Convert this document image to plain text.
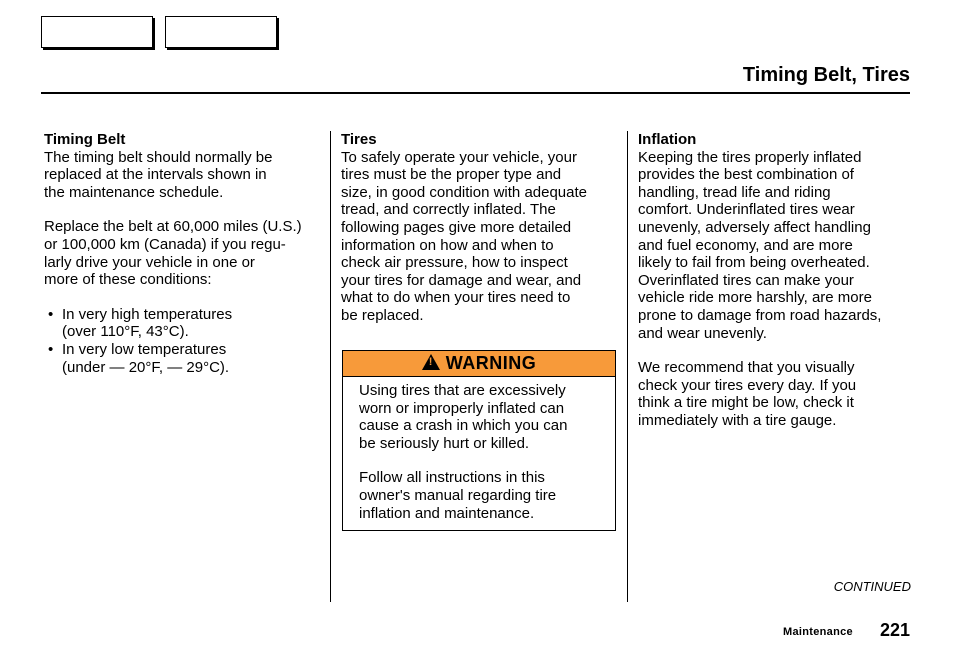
Timing Belt, Tires
Timing Belt

The timing belt should normally be
replaced at the intervals shown in
the maintenance schedule.

Replace the belt at 60,000 miles (U.S.)
or 100,000 km (Canada) if you regu-
larly drive your vehicle in one or
more of these conditions:

• In very high temperatures
(over 110°F, 43°C).
• In very low temperatures
(under — 20°F, — 29°C).
Tires

To safely operate your vehicle, your
tires must be the proper type and
size, in good condition with adequate
tread, and correctly inflated. The
following pages give more detailed
information on how and when to
check air pressure, how to inspect
your tires for damage and wear, and
what to do when your tires need to
be replaced.

! WARNING

Using tires that are excessively
worn or improperly inflated can
cause a crash in which you can
be seriously hurt or killed.

Follow all instructions in this
owner's manual regarding tire
inflation and maintenance.

Inflation

Keeping the tires properly inflated
provides the best combination of
handling, tread life and riding
comfort. Underinflated tires wear
unevenly, adversely affect handling
and fuel economy, and are more
likely to fail from being overheated.
Overinflated tires can make your
vehicle ride more harshly, are more
prone to damage from road hazards,
and wear unevenly.

We recommend that you visually
check your tires every day. If you
think a tire might be low, check it
immediately with a tire gauge.

CONTINUED
Maintenance 221
